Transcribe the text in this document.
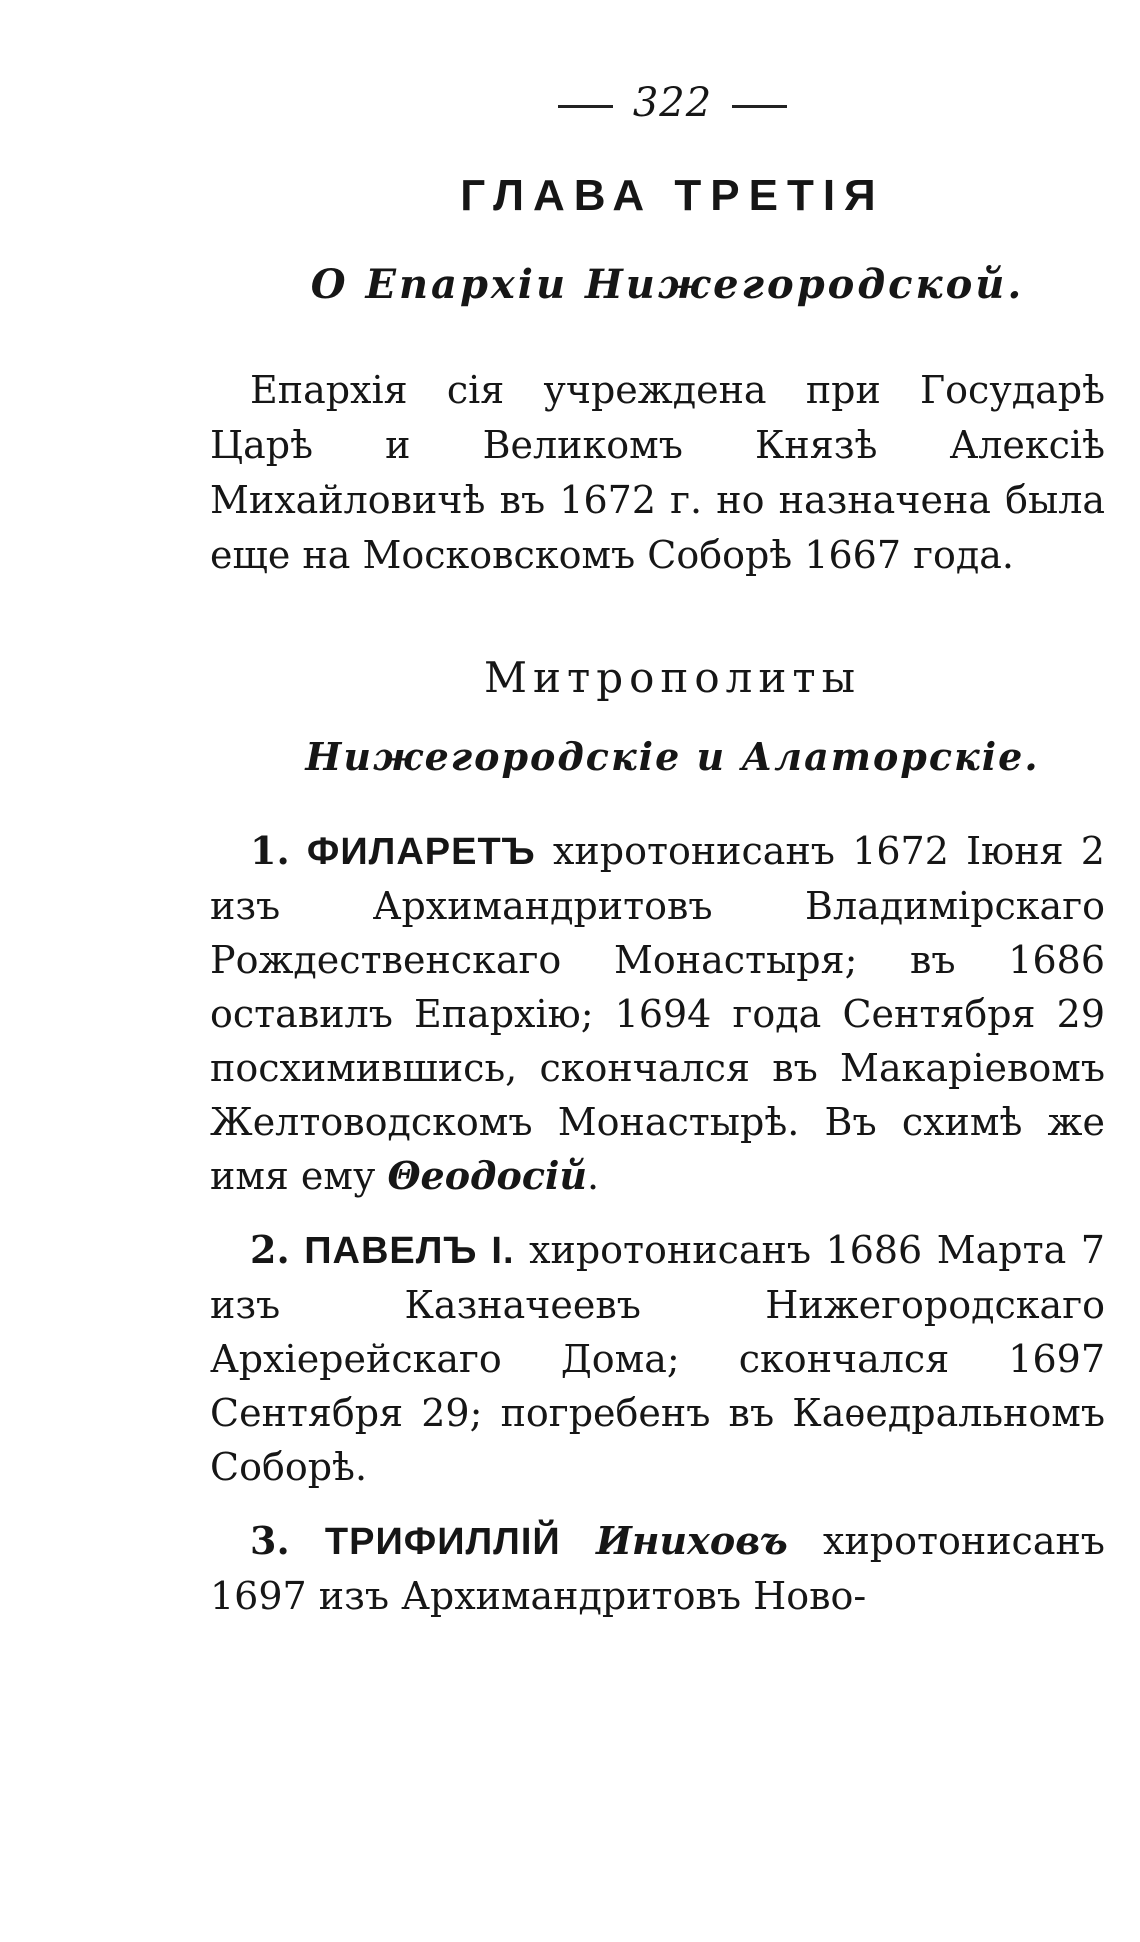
322
ГЛАВА ТРЕТІЯ
О Епархіи Нижегородской.

Епархія сія учреждена при Государѣ Царѣ и Великомъ Князѣ Алексіѣ Михайловичѣ въ 1672 г. но назначена была еще на Московскомъ Соборѣ 1667 года.

Митрополиты
Нижегородскіе и Алаторскіе.

1. ФИЛАРЕТЪ хиротонисанъ 1672 Іюня 2 изъ Архимандритовъ Владимірскаго Рождественскаго Монастыря; въ 1686 оставилъ Епархію; 1694 года Сентября 29 посхимившись, скончался въ Макаріевомъ Желтоводскомъ Монастырѣ. Въ схимѣ же имя ему Θеодосій.

2. ПАВЕЛЪ I. хиротонисанъ 1686 Марта 7 изъ Казначеевъ Нижегородскаго Архіерейскаго Дома; скончался 1697 Сентября 29; погребенъ въ Каѳедральномъ Соборѣ.

3. ТРИФИЛЛІЙ Иниховъ хиротонисанъ 1697 изъ Архимандритовъ Ново-
